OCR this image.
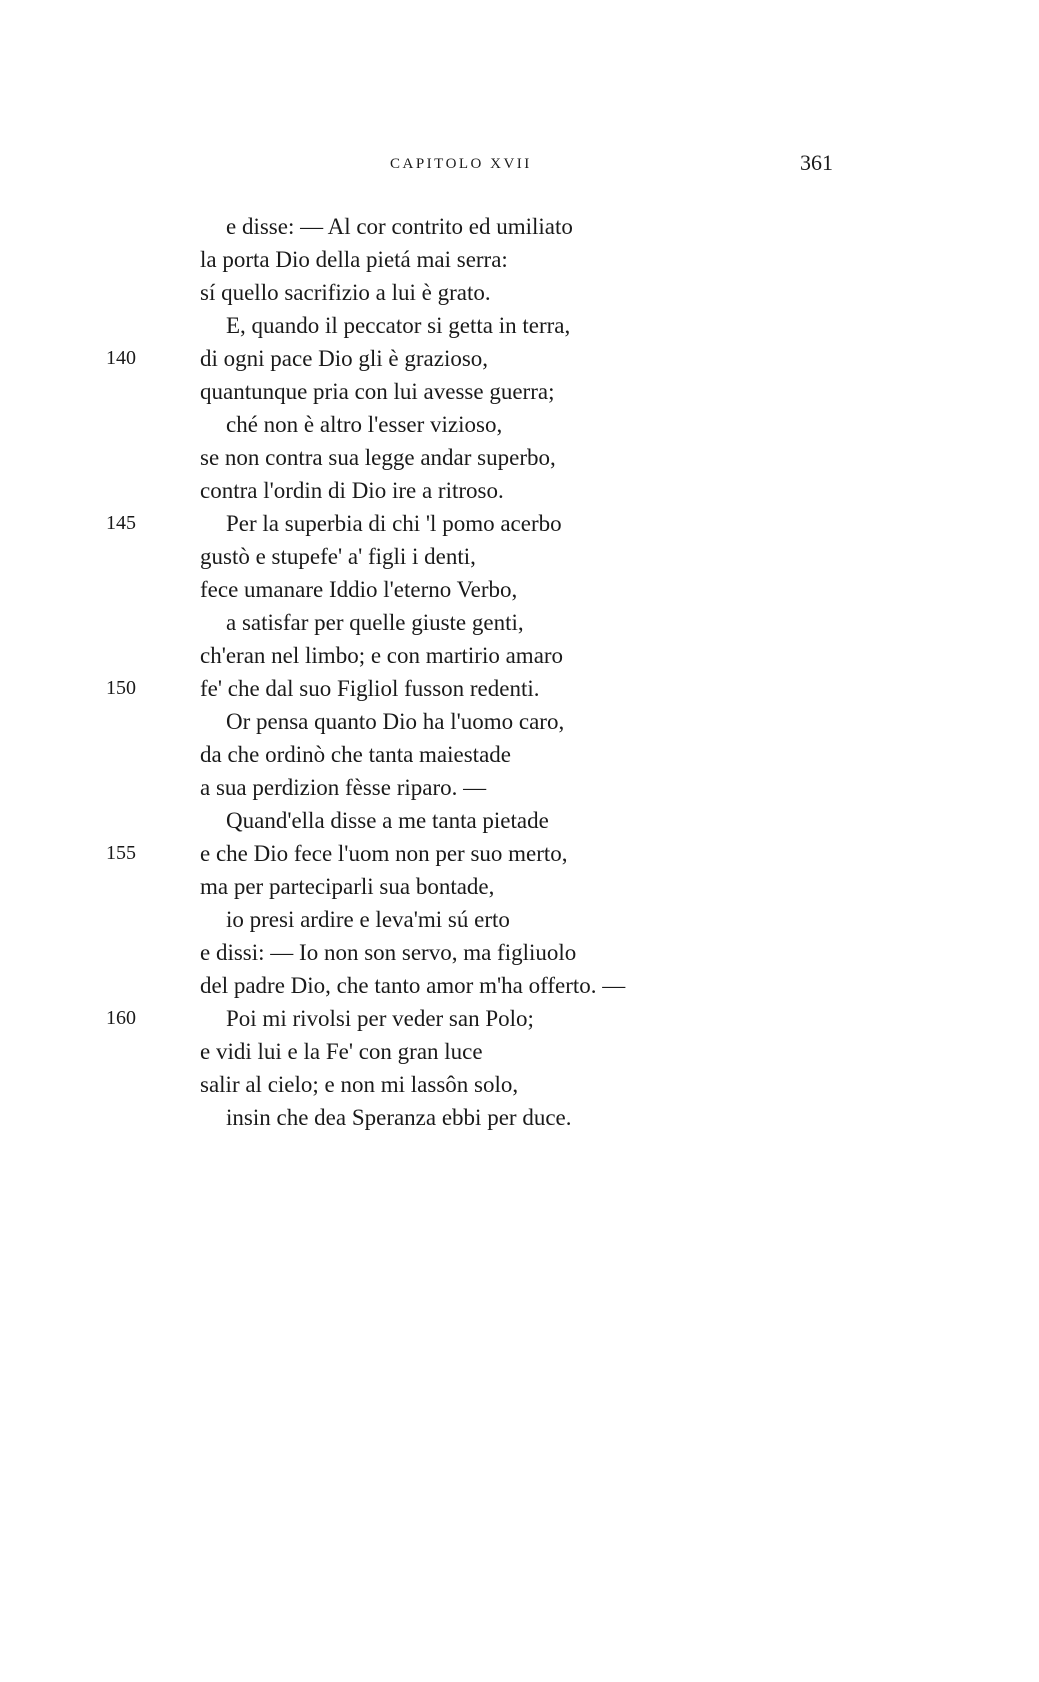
CAPITOLO XVII	361
e disse: — Al cor contrito ed umiliato
la porta Dio della pietá mai serra:
sí quello sacrifizio a lui è grato.
E, quando il peccator si getta in terra,
140	di ogni pace Dio gli è grazioso,
quantunque pria con lui avesse guerra;
ché non è altro l'esser vizioso,
se non contra sua legge andar superbo,
contra l'ordin di Dio ire a ritroso.
145	Per la superbia di chi 'l pomo acerbo
gustò e stupefe' a' figli i denti,
fece umanare Iddio l'eterno Verbo,
a satisfar per quelle giuste genti,
ch'eran nel limbo; e con martirio amaro
150	fe' che dal suo Figliol fusson redenti.
Or pensa quanto Dio ha l'uomo caro,
da che ordinò che tanta maiestade
a sua perdizion fèsse riparo. —
Quand'ella disse a me tanta pietade
155	e che Dio fece l'uom non per suo merto,
ma per parteciparli sua bontade,
io presi ardire e leva'mi sú erto
e dissi: — Io non son servo, ma figliuolo
del padre Dio, che tanto amor m'ha offerto. —
160	Poi mi rivolsi per veder san Polo;
e vidi lui e la Fe' con gran luce
salir al cielo; e non mi lassôn solo,
insin che dea Speranza ebbi per duce.
